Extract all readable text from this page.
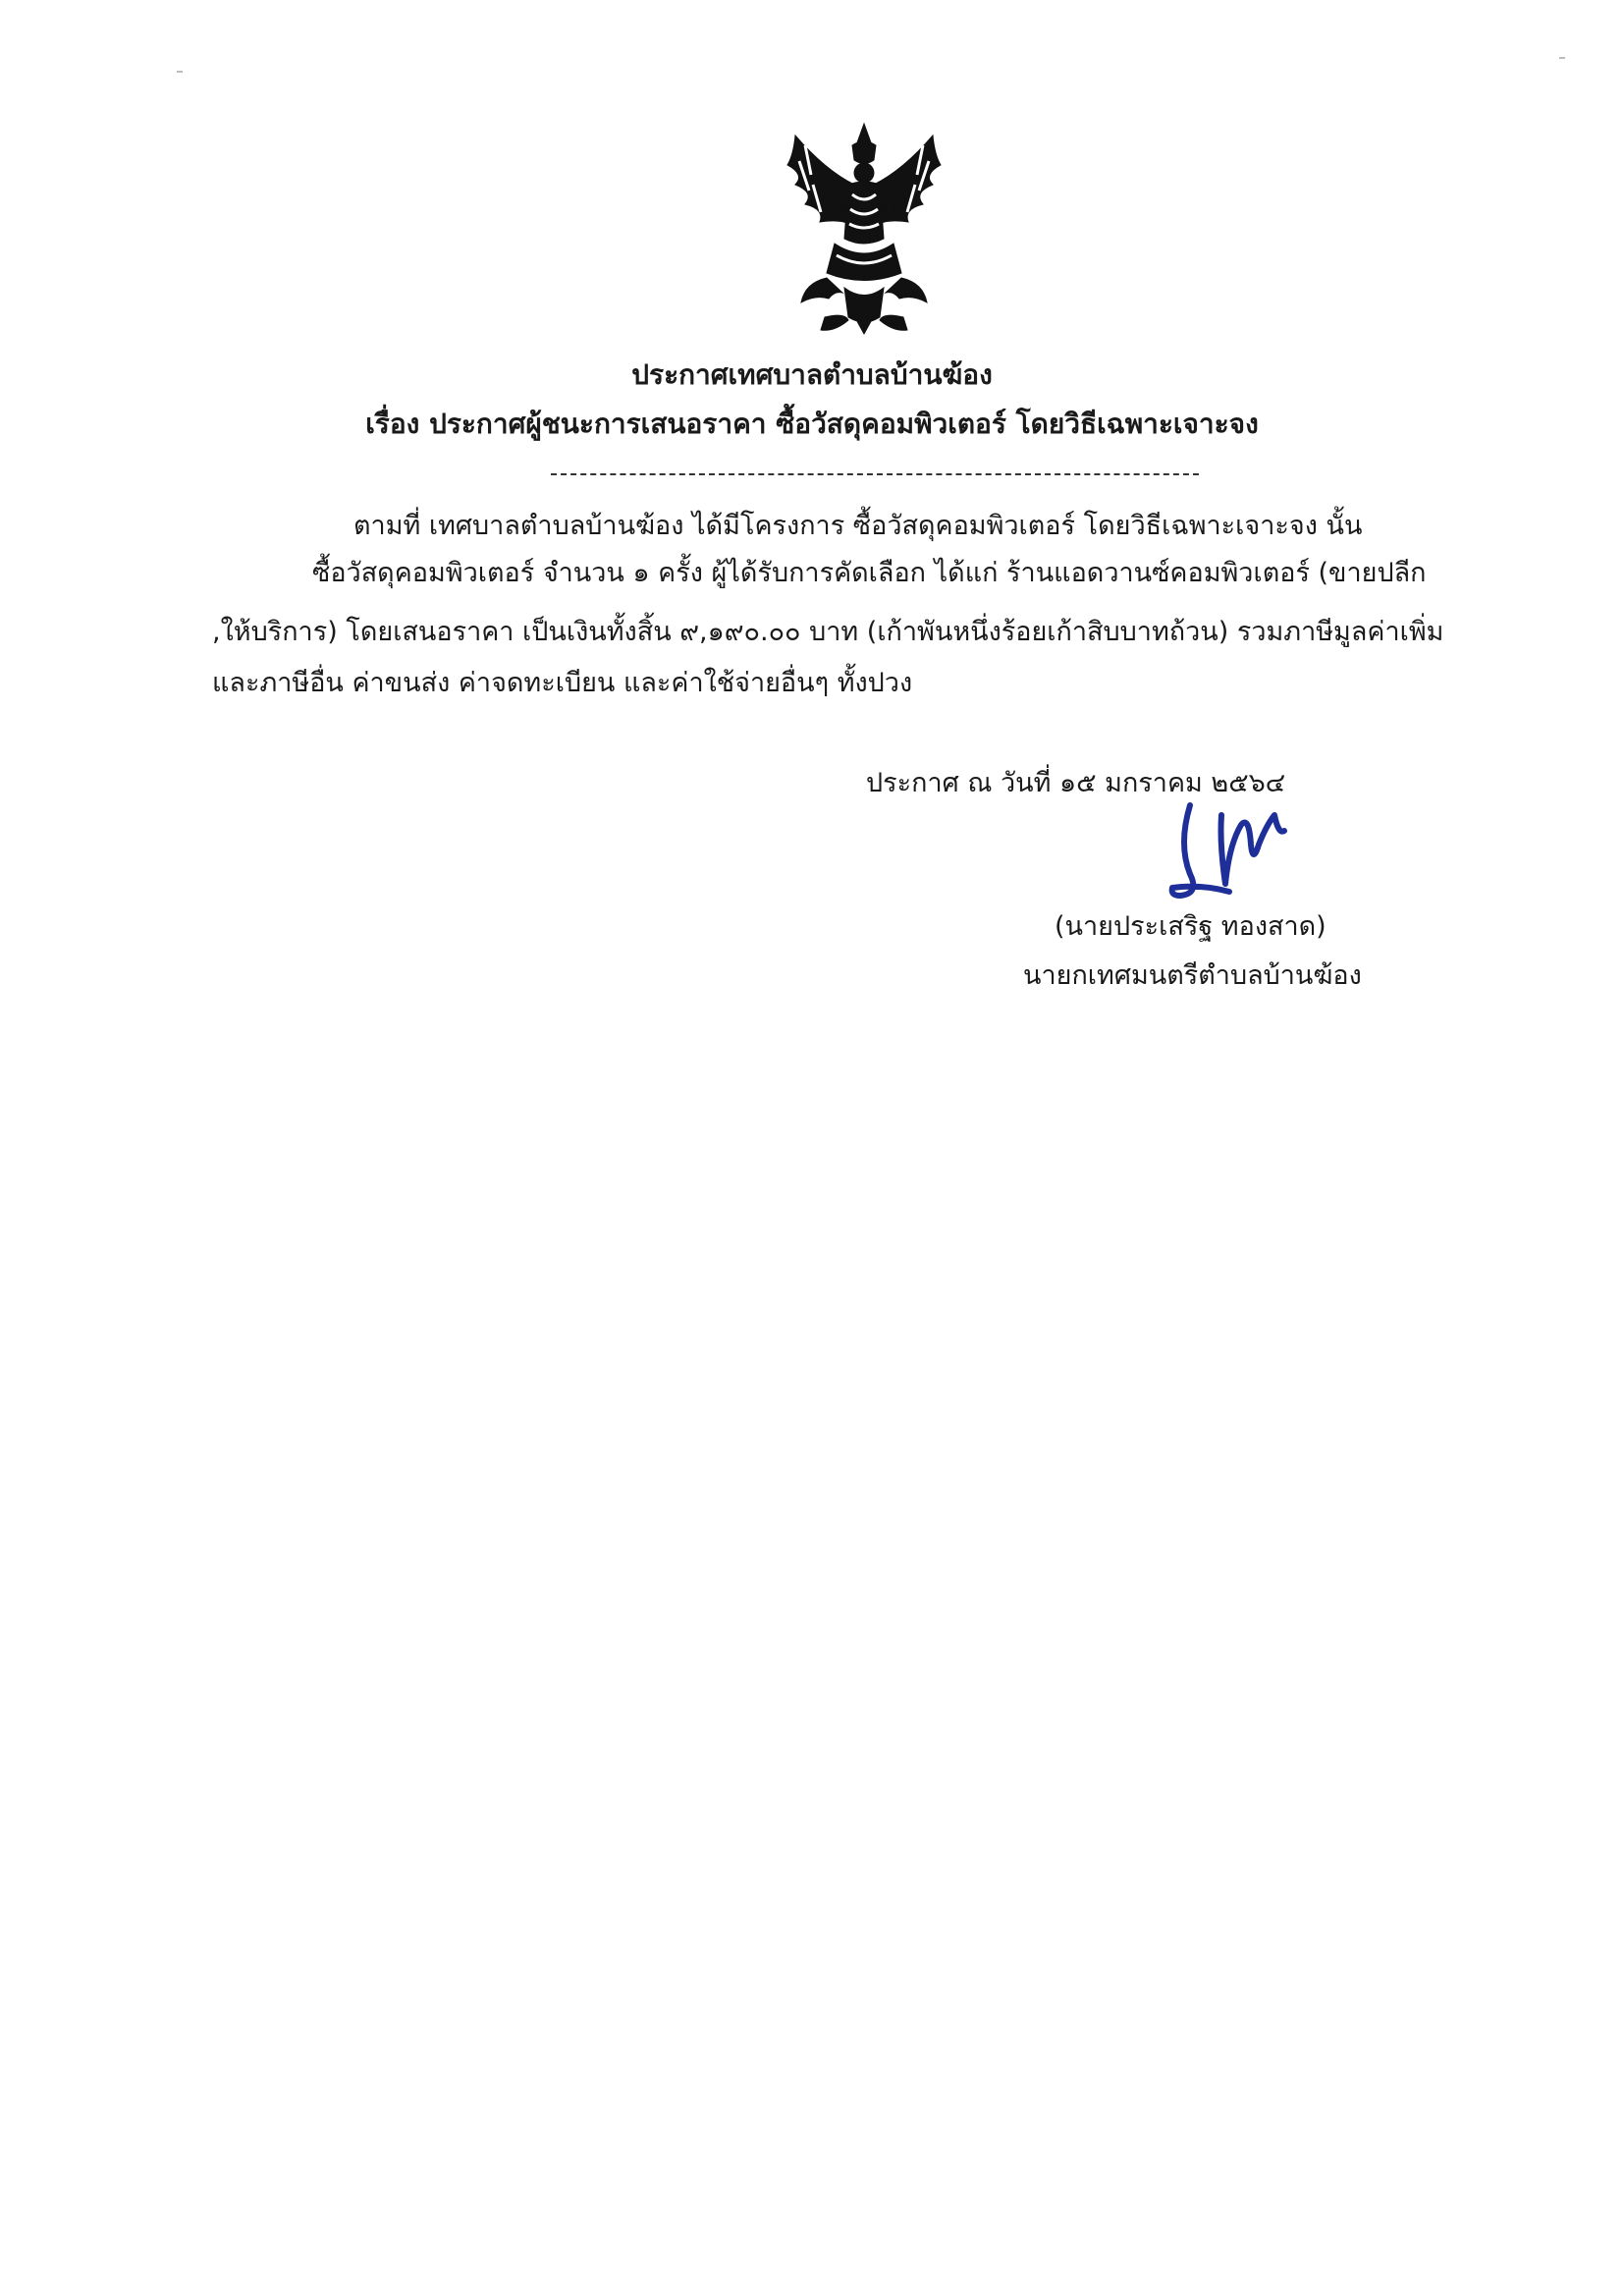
ประกาศเทศบาลตำบลบ้านฆ้อง
เรื่อง ประกาศผู้ชนะการเสนอราคา ซื้อวัสดุคอมพิวเตอร์ โดยวิธีเฉพาะเจาะจง
ตามที่ เทศบาลตำบลบ้านฆ้อง ได้มีโครงการ ซื้อวัสดุคอมพิวเตอร์ โดยวิธีเฉพาะเจาะจง นั้น
ซื้อวัสดุคอมพิวเตอร์ จำนวน ๑ ครั้ง ผู้ได้รับการคัดเลือก ได้แก่ ร้านแอดวานซ์คอมพิวเตอร์ (ขายปลีก
,ให้บริการ) โดยเสนอราคา เป็นเงินทั้งสิ้น ๙,๑๙๐.๐๐ บาท (เก้าพันหนึ่งร้อยเก้าสิบบาทถ้วน) รวมภาษีมูลค่าเพิ่ม
และภาษีอื่น ค่าขนส่ง ค่าจดทะเบียน และค่าใช้จ่ายอื่นๆ ทั้งปวง
ประกาศ ณ วันที่ ๑๕ มกราคม ๒๕๖๔
(นายประเสริฐ ทองสาด)
นายกเทศมนตรีตำบลบ้านฆ้อง
